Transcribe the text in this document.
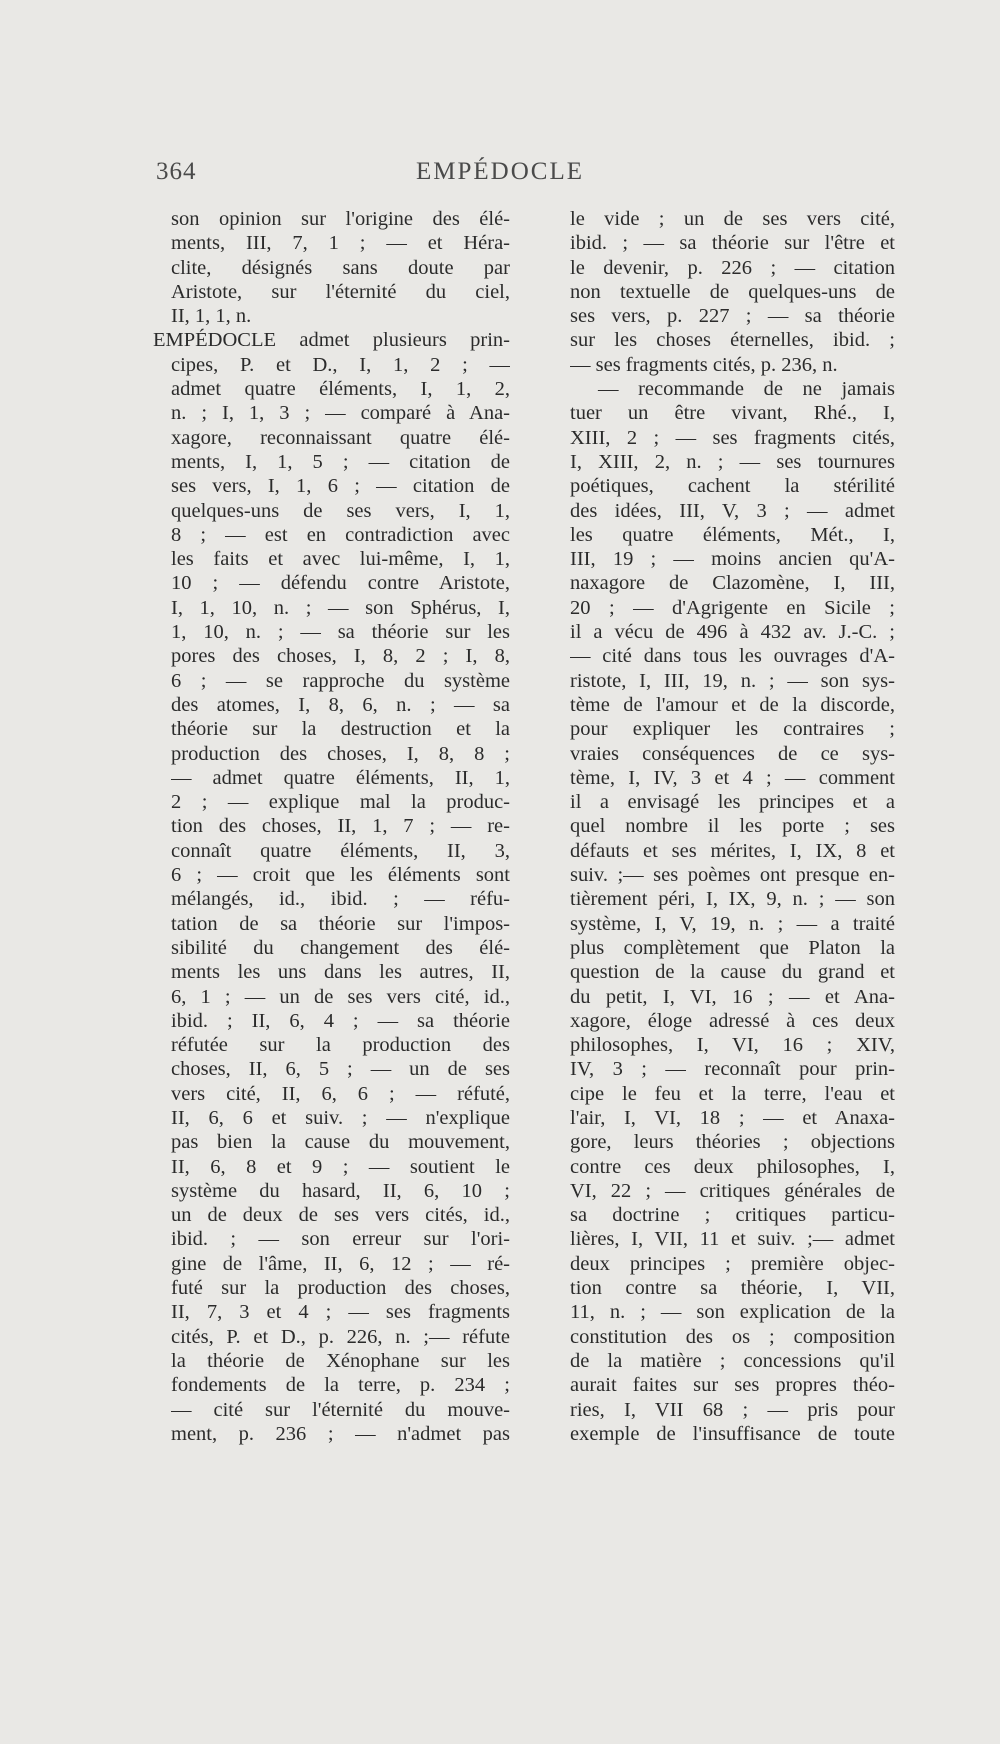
364	EMPÉDOCLE
son opinion sur l'origine des élé-
ments, III, 7, 1 ; — et Héra-
clite, désignés sans doute par
Aristote, sur l'éternité du ciel,
II, 1, 1, n.
EMPÉDOCLE admet plusieurs prin-
cipes, P. et D., I, 1, 2 ; —
admet quatre éléments, I, 1, 2,
n. ; I, 1, 3 ; — comparé à Ana-
xagore, reconnaissant quatre élé-
ments, I, 1, 5 ; — citation de
ses vers, I, 1, 6 ; — citation de
quelques-uns de ses vers, I, 1,
8 ; — est en contradiction avec
les faits et avec lui-même, I, 1,
10 ; — défendu contre Aristote,
I, 1, 10, n. ; — son Sphérus, I,
1, 10, n. ; — sa théorie sur les
pores des choses, I, 8, 2 ; I, 8,
6 ; — se rapproche du système
des atomes, I, 8, 6, n. ; — sa
théorie sur la destruction et la
production des choses, I, 8, 8 ;
— admet quatre éléments, II, 1,
2 ; — explique mal la produc-
tion des choses, II, 1, 7 ; — re-
connaît quatre éléments, II, 3,
6 ; — croit que les éléments sont
mélangés, id., ibid. ; — réfu-
tation de sa théorie sur l'impos-
sibilité du changement des élé-
ments les uns dans les autres, II,
6, 1 ; — un de ses vers cité, id.,
ibid. ; II, 6, 4 ; — sa théorie
réfutée sur la production des
choses, II, 6, 5 ; — un de ses
vers cité, II, 6, 6 ; — réfuté,
II, 6, 6 et suiv. ; — n'explique
pas bien la cause du mouvement,
II, 6, 8 et 9 ; — soutient le
système du hasard, II, 6, 10 ;
un de deux de ses vers cités, id.,
ibid. ; — son erreur sur l'ori-
gine de l'âme, II, 6, 12 ; — ré-
futé sur la production des choses,
II, 7, 3 et 4 ; — ses fragments
cités, P. et D., p. 226, n. ;— réfute
la théorie de Xénophane sur les
fondements de la terre, p. 234 ;
— cité sur l'éternité du mouve-
ment, p. 236 ; — n'admet pas
le vide ; un de ses vers cité,
ibid. ; — sa théorie sur l'être et
le devenir, p. 226 ; — citation
non textuelle de quelques-uns de
ses vers, p. 227 ; — sa théorie
sur les choses éternelles, ibid. ;
— ses fragments cités, p. 236, n.
— recommande de ne jamais
tuer un être vivant, Rhé., I,
XIII, 2 ; — ses fragments cités,
I, XIII, 2, n. ; — ses tournures
poétiques, cachent la stérilité
des idées, III, V, 3 ; — admet
les quatre éléments, Mét., I,
III, 19 ; — moins ancien qu'A-
naxagore de Clazomène, I, III,
20 ; — d'Agrigente en Sicile ;
il a vécu de 496 à 432 av. J.-C. ;
— cité dans tous les ouvrages d'A-
ristote, I, III, 19, n. ; — son sys-
tème de l'amour et de la discorde,
pour expliquer les contraires ;
vraies conséquences de ce sys-
tème, I, IV, 3 et 4 ; — comment
il a envisagé les principes et a
quel nombre il les porte ; ses
défauts et ses mérites, I, IX, 8 et
suiv. ;— ses poèmes ont presque en-
tièrement péri, I, IX, 9, n. ; — son
système, I, V, 19, n. ; — a traité
plus complètement que Platon la
question de la cause du grand et
du petit, I, VI, 16 ; — et Ana-
xagore, éloge adressé à ces deux
philosophes, I, VI, 16 ; XIV,
IV, 3 ; — reconnaît pour prin-
cipe le feu et la terre, l'eau et
l'air, I, VI, 18 ; — et Anaxa-
gore, leurs théories ; objections
contre ces deux philosophes, I,
VI, 22 ; — critiques générales de
sa doctrine ; critiques particu-
lières, I, VII, 11 et suiv. ;— admet
deux principes ; première objec-
tion contre sa théorie, I, VII,
11, n. ; — son explication de la
constitution des os ; composition
de la matière ; concessions qu'il
aurait faites sur ses propres théo-
ries, I, VII 68 ; — pris pour
exemple de l'insuffisance de toute
